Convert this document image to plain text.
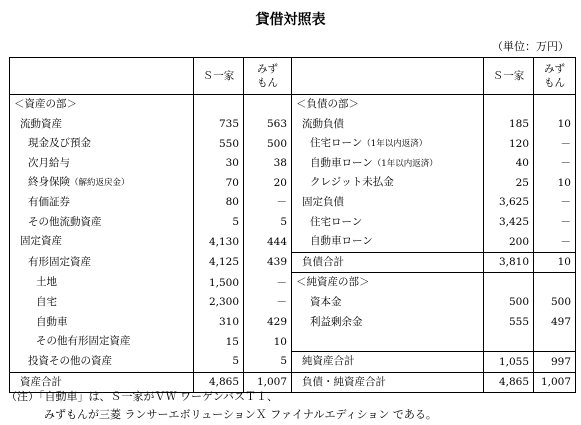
貸借対照表
（単位：万円）
	Ｓ一家	みず
もん		Ｓ一家	みず
もん
＜資産の部＞			＜負債の部＞		
流動資産	735	563	流動負債	185	10
現金及び預金	550	500	住宅ローン（1年以内返済）	120	－
次月給与	30	38	自動車ローン（1年以内返済）	40	－
終身保険（解約返戻金）	70	20	クレジット未払金	25	10
有価証券	80	－	固定負債	3,625	－
その他流動資産	5	5	住宅ローン	3,425	－
固定資産	4,130	444	自動車ローン	200	－
有形固定資産	4,125	439	負債合計	3,810	10
土地	1,500	－	＜純資産の部＞		
自宅	2,300	－	資本金	500	500
自動車	310	429	利益剰余金	555	497
その他有形固定資産	15	10			
投資その他の資産	5	5	純資産合計	1,055	997
資産合計	4,865	1,007	負債・純資産合計	4,865	1,007
（注）「自動車」は、Ｓ一家がＶＷ ワーゲンバスＴ１、
みずもんが三菱 ランサーエボリューションＸ ファイナルエディション である。
